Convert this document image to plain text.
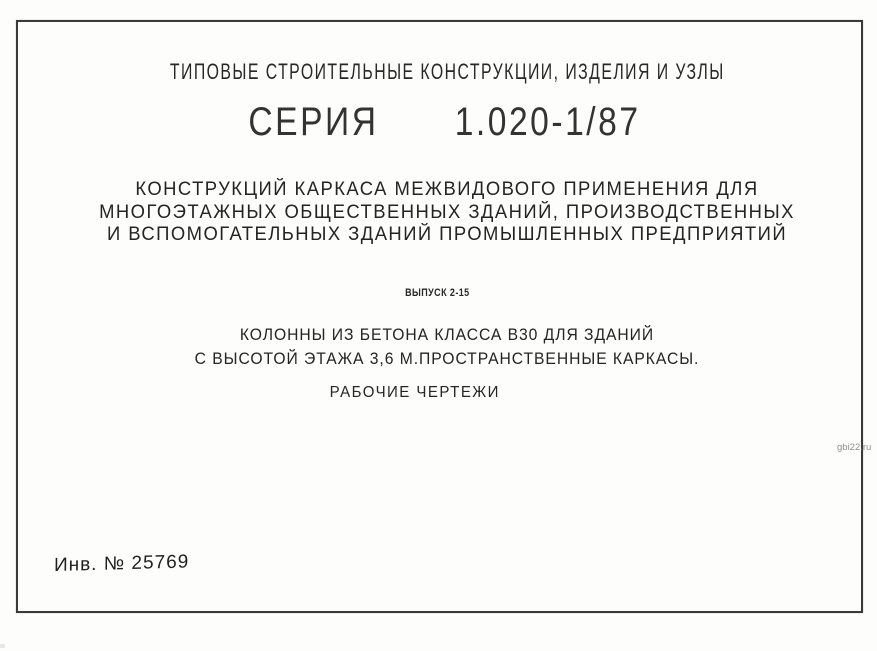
ТИПОВЫЕ СТРОИТЕЛЬНЫЕ КОНСТРУКЦИИ, ИЗДЕЛИЯ И УЗЛЫ
СЕРИЯ 1.020-1/87
КОНСТРУКЦИЙ КАРКАСА МЕЖВИДОВОГО ПРИМЕНЕНИЯ ДЛЯ
МНОГОЭТАЖНЫХ ОБЩЕСТВЕННЫХ ЗДАНИЙ, ПРОИЗВОДСТВЕННЫХ
И ВСПОМОГАТЕЛЬНЫХ ЗДАНИЙ ПРОМЫШЛЕННЫХ ПРЕДПРИЯТИЙ
ВЫПУСК 2-15
КОЛОННЫ ИЗ БЕТОНА КЛАССА В30 ДЛЯ ЗДАНИЙ
С ВЫСОТОЙ ЭТАЖА 3,6 М.ПРОСТРАНСТВЕННЫЕ КАРКАСЫ.
РАБОЧИЕ ЧЕРТЕЖИ
gbi22.ru
Инв. № 25769
